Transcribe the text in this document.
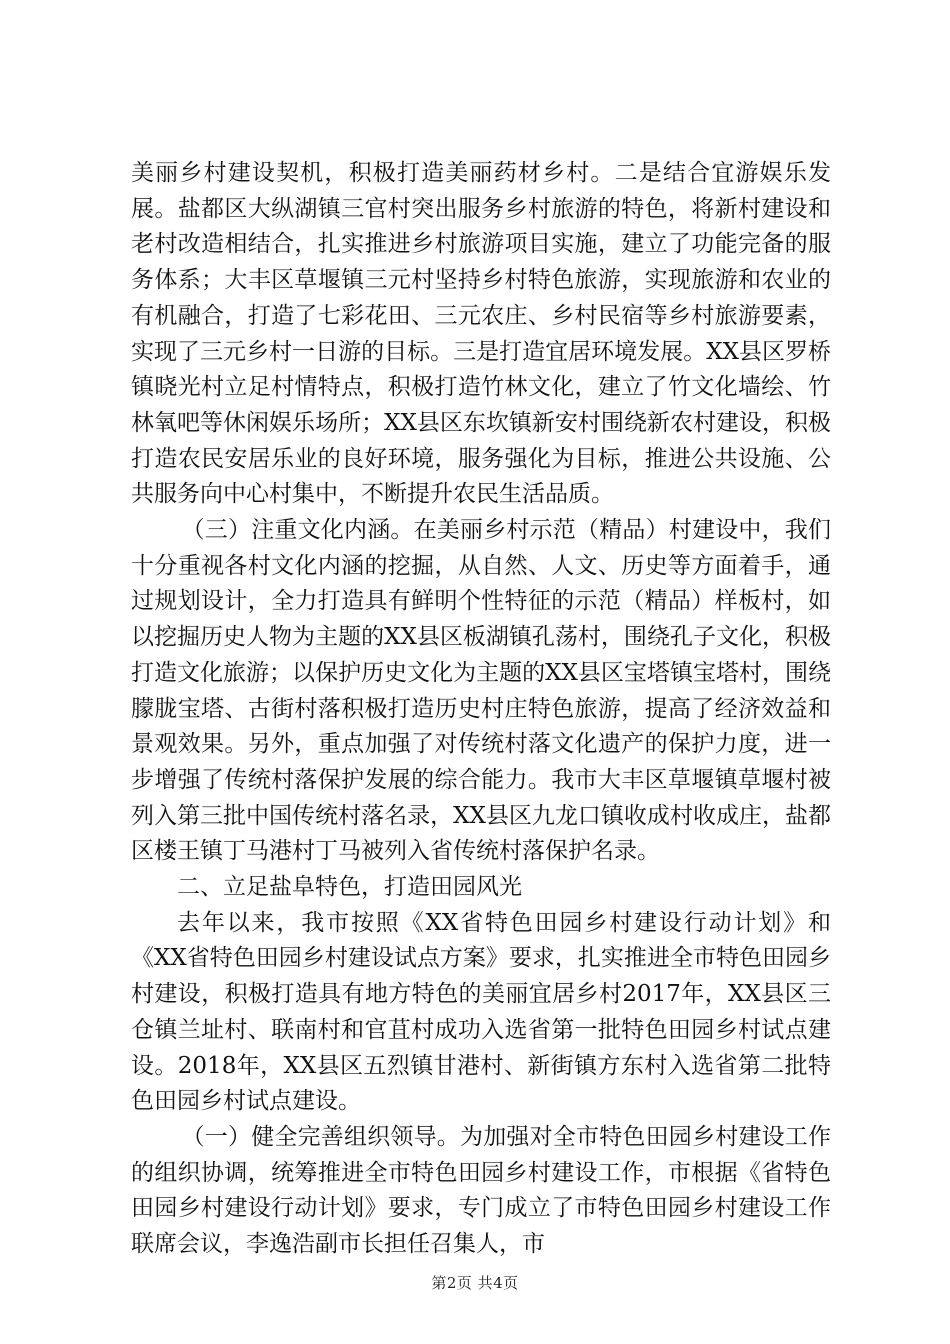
美丽乡村建设契机，积极打造美丽药材乡村。二是结合宜游娱乐发展。盐都区大纵湖镇三官村突出服务乡村旅游的特色，将新村建设和老村改造相结合，扎实推进乡村旅游项目实施，建立了功能完备的服务体系；大丰区草堰镇三元村坚持乡村特色旅游，实现旅游和农业的有机融合，打造了七彩花田、三元农庄、乡村民宿等乡村旅游要素，实现了三元乡村一日游的目标。三是打造宜居环境发展。XX县区罗桥镇晓光村立足村情特点，积极打造竹林文化，建立了竹文化墙绘、竹林氧吧等休闲娱乐场所；XX县区东坎镇新安村围绕新农村建设，积极打造农民安居乐业的良好环境，服务强化为目标，推进公共设施、公共服务向中心村集中，不断提升农民生活品质。

（三）注重文化内涵。在美丽乡村示范（精品）村建设中，我们十分重视各村文化内涵的挖掘，从自然、人文、历史等方面着手，通过规划设计，全力打造具有鲜明个性特征的示范（精品）样板村，如以挖掘历史人物为主题的XX县区板湖镇孔荡村，围绕孔子文化，积极打造文化旅游；以保护历史文化为主题的XX县区宝塔镇宝塔村，围绕朦胧宝塔、古街村落积极打造历史村庄特色旅游，提高了经济效益和景观效果。另外，重点加强了对传统村落文化遗产的保护力度，进一步增强了传统村落保护发展的综合能力。我市大丰区草堰镇草堰村被列入第三批中国传统村落名录，XX县区九龙口镇收成村收成庄，盐都区楼王镇丁马港村丁马被列入省传统村落保护名录。

二、立足盐阜特色，打造田园风光

去年以来，我市按照《XX省特色田园乡村建设行动计划》和《XX省特色田园乡村建设试点方案》要求，扎实推进全市特色田园乡村建设，积极打造具有地方特色的美丽宜居乡村2017年，XX县区三仓镇兰址村、联南村和官苴村成功入选省第一批特色田园乡村试点建设。2018年，XX县区五烈镇甘港村、新街镇方东村入选省第二批特色田园乡村试点建设。

（一）健全完善组织领导。为加强对全市特色田园乡村建设工作的组织协调，统筹推进全市特色田园乡村建设工作，市根据《省特色田园乡村建设行动计划》要求，专门成立了市特色田园乡村建设工作联席会议，李逸浩副市长担任召集人，市

第2页 共4页
